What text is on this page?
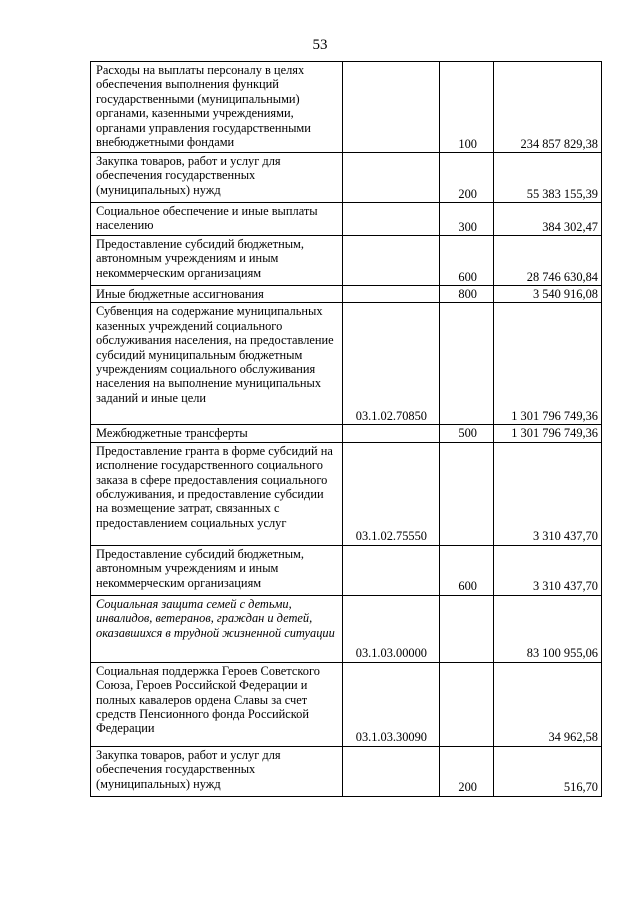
53
Расходы на выплаты персоналу в целях обеспечения выполнения функций государственными (муниципальными) органами, казенными учреждениями, органами управления государственными внебюджетными фондами		100	234 857 829,38
Закупка товаров, работ и услуг для обеспечения государственных (муниципальных) нужд		200	55 383 155,39
Социальное обеспечение и иные выплаты населению		300	384 302,47
Предоставление субсидий бюджетным, автономным учреждениям и иным некоммерческим организациям		600	28 746 630,84
Иные бюджетные ассигнования		800	3 540 916,08
Субвенция на содержание муниципальных казенных учреждений социального обслуживания населения, на предоставление субсидий муниципальным бюджетным учреждениям социального обслуживания населения на выполнение муниципальных заданий и иные цели	03.1.02.70850		1 301 796 749,36
Межбюджетные трансферты		500	1 301 796 749,36
Предоставление гранта в форме субсидий на исполнение государственного социального заказа в сфере предоставления социального обслуживания, и предоставление субсидии на возмещение затрат, связанных с предоставлением социальных услуг	03.1.02.75550		3 310 437,70
Предоставление субсидий бюджетным, автономным учреждениям и иным некоммерческим организациям		600	3 310 437,70
Социальная защита семей с детьми, инвалидов, ветеранов, граждан и детей, оказавшихся в трудной жизненной ситуации	03.1.03.00000		83 100 955,06
Социальная поддержка Героев Советского Союза, Героев Российской Федерации и полных кавалеров ордена Славы за счет средств Пенсионного фонда Российской Федерации	03.1.03.30090		34 962,58
Закупка товаров, работ и услуг для обеспечения государственных (муниципальных) нужд		200	516,70
